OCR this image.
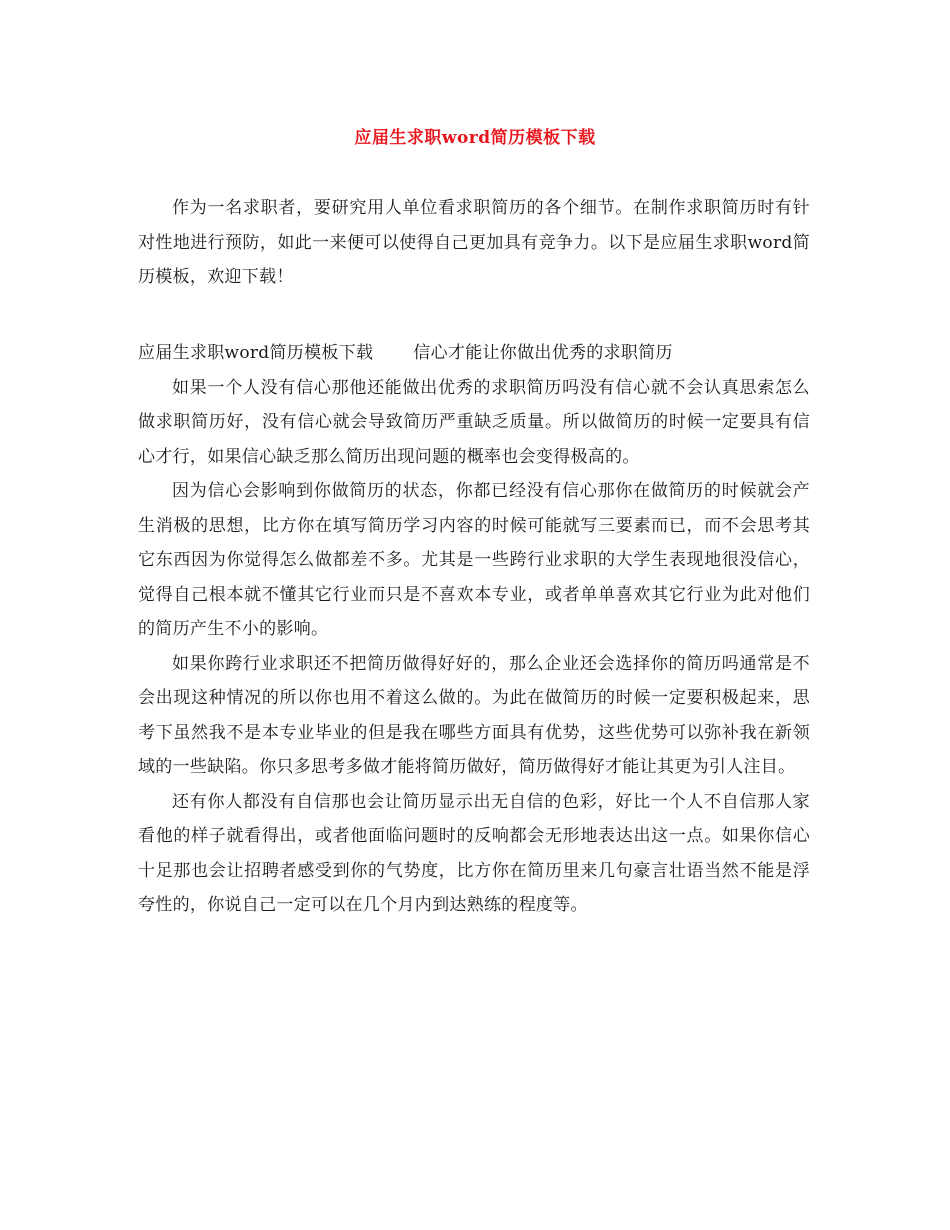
应届生求职word简历模板下载

作为一名求职者，要研究用人单位看求职简历的各个细节。在制作求职简历时有针对性地进行预防，如此一来便可以使得自己更加具有竞争力。以下是应届生求职word简历模板，欢迎下载！

应届生求职word简历模板下载 信心才能让你做出优秀的求职简历

如果一个人没有信心那他还能做出优秀的求职简历吗没有信心就不会认真思索怎么做求职简历好，没有信心就会导致简历严重缺乏质量。所以做简历的时候一定要具有信心才行，如果信心缺乏那么简历出现问题的概率也会变得极高的。

因为信心会影响到你做简历的状态，你都已经没有信心那你在做简历的时候就会产生消极的思想，比方你在填写简历学习内容的时候可能就写三要素而已，而不会思考其它东西因为你觉得怎么做都差不多。尤其是一些跨行业求职的大学生表现地很没信心，觉得自己根本就不懂其它行业而只是不喜欢本专业，或者单单喜欢其它行业为此对他们的简历产生不小的影响。

如果你跨行业求职还不把简历做得好好的，那么企业还会选择你的简历吗通常是不会出现这种情况的所以你也用不着这么做的。为此在做简历的时候一定要积极起来，思考下虽然我不是本专业毕业的但是我在哪些方面具有优势，这些优势可以弥补我在新领域的一些缺陷。你只多思考多做才能将简历做好，简历做得好才能让其更为引人注目。

还有你人都没有自信那也会让简历显示出无自信的色彩，好比一个人不自信那人家看他的样子就看得出，或者他面临问题时的反响都会无形地表达出这一点。如果你信心十足那也会让招聘者感受到你的气势度，比方你在简历里来几句豪言壮语当然不能是浮夸性的，你说自己一定可以在几个月内到达熟练的程度等。
